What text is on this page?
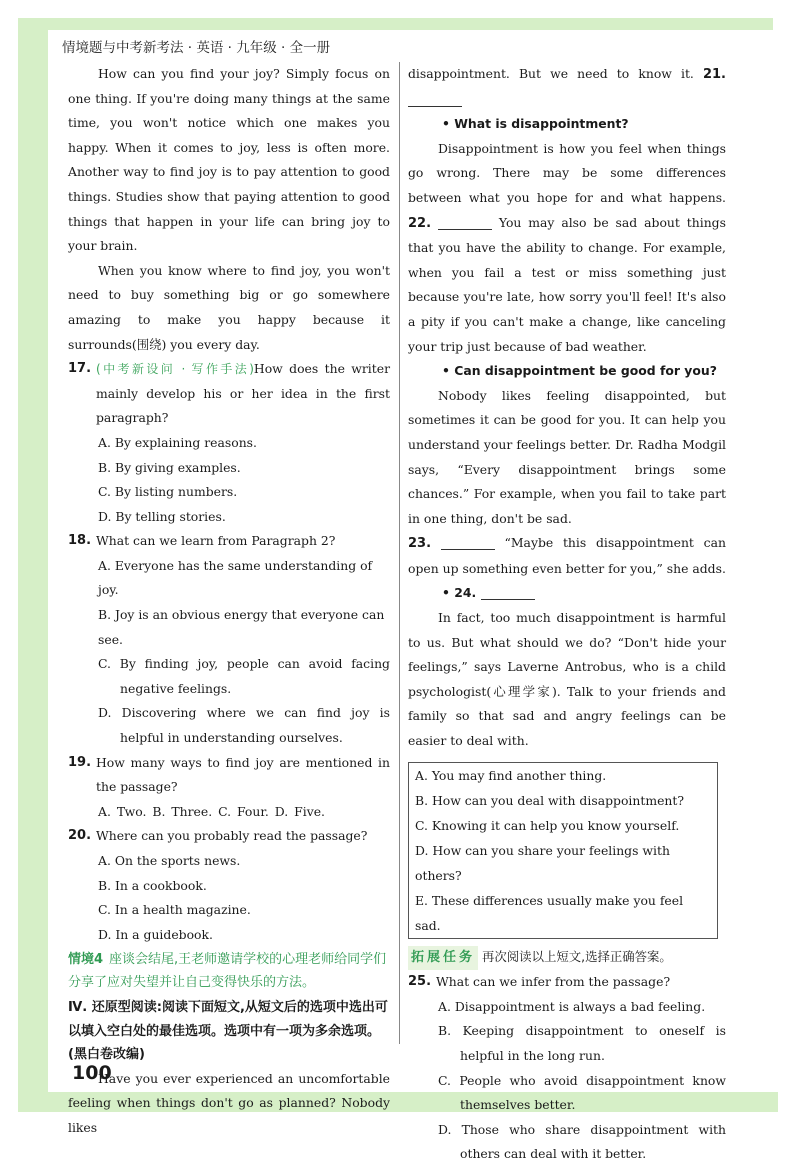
情境题与中考新考法 · 英语 · 九年级 · 全一册

How can you find your joy? Simply focus on one thing. If you're doing many things at the same time, you won't notice which one makes you happy. When it comes to joy, less is often more. Another way to find joy is to pay attention to good things. Studies show that paying attention to good things that happen in your life can bring joy to your brain.

When you know where to find joy, you won't need to buy something big or go somewhere amazing to make you happy because it surrounds(围绕) you every day.

17. (中考新设问 · 写作手法)How does the writer mainly develop his or her idea in the first paragraph?
A. By explaining reasons.
B. By giving examples.
C. By listing numbers.
D. By telling stories.
18. What can we learn from Paragraph 2?
A. Everyone has the same understanding of joy.
B. Joy is an obvious energy that everyone can see.
C. By finding joy, people can avoid facing negative feelings.
D. Discovering where we can find joy is helpful in understanding ourselves.
19. How many ways to find joy are mentioned in the passage?
A. Two. B. Three. C. Four. D. Five.
20. Where can you probably read the passage?
A. On the sports news.
B. In a cookbook.
C. In a health magazine.
D. In a guidebook.
情境4 座谈会结尾,王老师邀请学校的心理老师给同学们分享了应对失望并让自己变得快乐的方法。
Ⅳ. 还原型阅读:阅读下面短文,从短文后的选项中选出可以填入空白处的最佳选项。选项中有一项为多余选项。(黑白卷改编)

Have you ever experienced an uncomfortable feeling when things don't go as planned? Nobody likes

disappointment. But we need to know it. 21.

• What is disappointment?

Disappointment is how you feel when things go wrong. There may be some differences between what you hope for and what happens. 22.	You may also be sad about things that you have the ability to change. For example, when you fail a test or miss something just because you're late, how sorry you'll feel! It's also a pity if you can't make a change, like canceling your trip just because of bad weather.

• Can disappointment be good for you?

Nobody likes feeling disappointed, but sometimes it can be good for you. It can help you understand your feelings better. Dr. Radha Modgil says, “Every disappointment brings some chances.” For example, when you fail to take part in one thing, don't be sad.

23.	“Maybe this disappointment can open up something even better for you,” she adds.

• 24.

In fact, too much disappointment is harmful to us. But what should we do? “Don't hide your feelings,” says Laverne Antrobus, who is a child psychologist(心理学家). Talk to your friends and family so that sad and angry feelings can be easier to deal with.

A. You may find another thing.
B. How can you deal with disappointment?
C. Knowing it can help you know yourself.
D. How can you share your feelings with others?
E. These differences usually make you feel sad.
拓展任务 再次阅读以上短文,选择正确答案。
25. What can we infer from the passage?
A. Disappointment is always a bad feeling.
B. Keeping disappointment to oneself is helpful in the long run.
C. People who avoid disappointment know themselves better.
D. Those who share disappointment with others can deal with it better.
100
